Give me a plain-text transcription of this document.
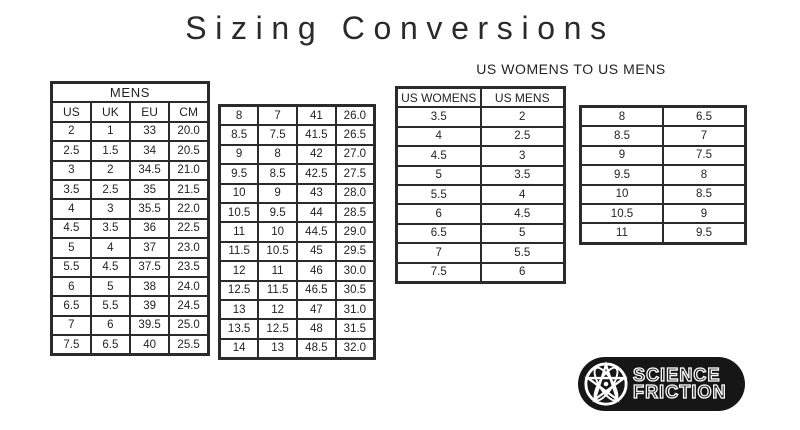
Sizing Conversions
US WOMENS TO US MENS
MENS			
US	UK	EU	CM
2	1	33	20.0
2.5	1.5	34	20.5
3	2	34.5	21.0
3.5	2.5	35	21.5
4	3	35.5	22.0
4.5	3.5	36	22.5
5	4	37	23.0
5.5	4.5	37.5	23.5
6	5	38	24.0
6.5	5.5	39	24.5
7	6	39.5	25.0
7.5	6.5	40	25.5
8	7	41	26.0
8.5	7.5	41.5	26.5
9	8	42	27.0
9.5	8.5	42.5	27.5
10	9	43	28.0
10.5	9.5	44	28.5
11	10	44.5	29.0
11.5	10.5	45	29.5
12	11	46	30.0
12.5	11.5	46.5	30.5
13	12	47	31.0
13.5	12.5	48	31.5
14	13	48.5	32.0
US WOMENS	US MENS
3.5	2
4	2.5
4.5	3
5	3.5
5.5	4
6	4.5
6.5	5
7	5.5
7.5	6
8	6.5
8.5	7
9	7.5
9.5	8
10	8.5
10.5	9
11	9.5
SCIENCE
FRICTION
